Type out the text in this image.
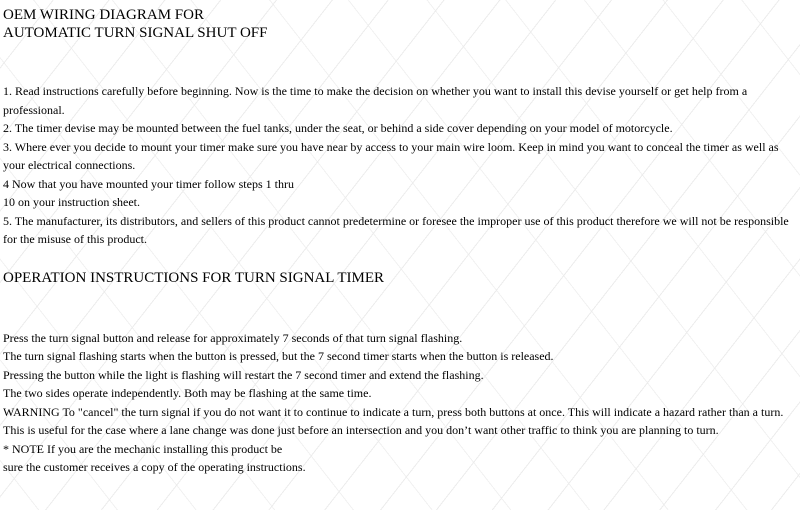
OEM WIRING DIAGRAM FOR
AUTOMATIC TURN SIGNAL SHUT OFF
1. Read instructions carefully before beginning. Now is the time to make the decision on whether you want to install this devise yourself or get help from a professional.
2. The timer devise may be mounted between the fuel tanks, under the seat, or behind a side cover depending on your model of motorcycle.
3. Where ever you decide to mount your timer make sure you have near by access to your main wire loom. Keep in mind you want to conceal the timer as well as your electrical connections.
4 Now that you have mounted your timer follow steps 1 thru
10 on your instruction sheet.
5. The manufacturer, its distributors, and sellers of this product cannot predetermine or foresee the improper use of this product therefore we will not be responsible for the misuse of this product.
OPERATION INSTRUCTIONS FOR TURN SIGNAL TIMER
Press the turn signal button and release for approximately 7 seconds of that turn signal flashing.
The turn signal flashing starts when the button is pressed, but the 7 second timer starts when the button is released.
Pressing the button while the light is flashing will restart the 7 second timer and extend the flashing.
The two sides operate independently. Both may be flashing at the same time.
WARNING To "cancel" the turn signal if you do not want it to continue to indicate a turn, press both buttons at once. This will indicate a hazard rather than a turn. This is useful for the case where a lane change was done just before an intersection and you don’t want other traffic to think you are planning to turn.
* NOTE If you are the mechanic installing this product be
sure the customer receives a copy of the operating instructions.
